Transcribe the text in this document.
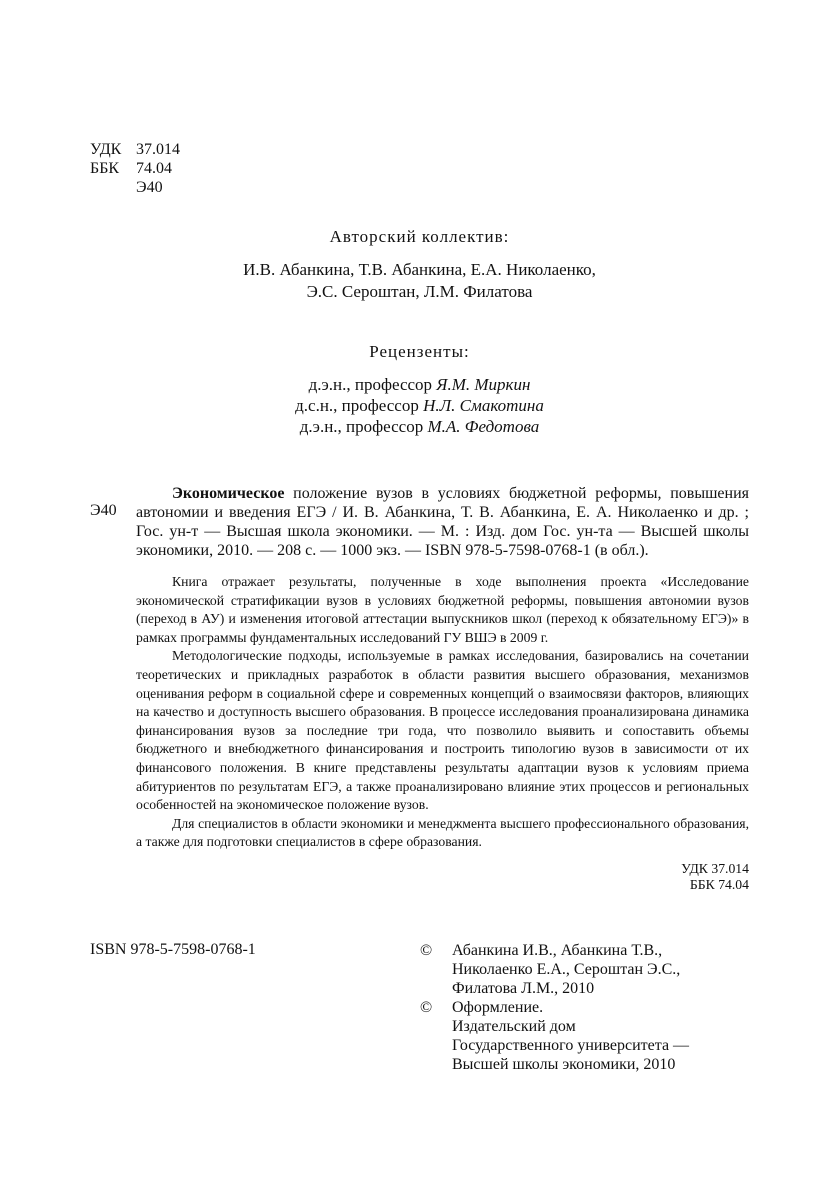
УДК 37.014
ББК	74.04
Э40
Авторский коллектив:
И.В. Абанкина, Т.В. Абанкина, Е.А. Николаенко,
Э.С. Сероштан, Л.М. Филатова
Рецензенты:
д.э.н., профессор Я.М. Миркин
д.с.н., профессор Н.Л. Смакотина
д.э.н., профессор М.А. Федотова
Э40
Экономическое положение вузов в условиях бюджетной реформы, повышения автономии и введения ЕГЭ / И. В. Абанкина, Т. В. Абанкина, Е. А. Николаенко и др. ; Гос. ун-т — Высшая школа экономики. — М. : Изд. дом Гос. ун-та — Высшей школы экономики, 2010. — 208 с. — 1000 экз. — ISBN 978-5-7598-0768-1 (в обл.).

Книга отражает результаты, полученные в ходе выполнения проекта «Исследование экономической стратификации вузов в условиях бюджетной реформы, повышения автономии вузов (переход в АУ) и изменения итоговой аттестации выпускников школ (переход к обязательному ЕГЭ)» в рамках программы фундаментальных исследований ГУ ВШЭ в 2009 г.

Методологические подходы, используемые в рамках исследования, базировались на сочетании теоретических и прикладных разработок в области развития высшего образования, механизмов оценивания реформ в социальной сфере и современных концепций о взаимосвязи факторов, влияющих на качество и доступность высшего образования. В процессе исследования проанализирована динамика финансирования вузов за последние три года, что позволило выявить и сопоставить объемы бюджетного и внебюджетного финансирования и построить типологию вузов в зависимости от их финансового положения. В книге представлены результаты адаптации вузов к условиям приема абитуриентов по результатам ЕГЭ, а также проанализировано влияние этих процессов и региональных особенностей на экономическое положение вузов.

Для специалистов в области экономики и менеджмента высшего профессионального образования, а также для подготовки специалистов в сфере образования.

УДК 37.014
ББК 74.04
ISBN 978-5-7598-0768-1	©	Абанкина И.В., Абанкина Т.В.,
Николаенко Е.А., Сероштан Э.С.,
Филатова Л.М., 2010
©	Оформление.
Издательский дом
Государственного университета —
Высшей школы экономики, 2010
